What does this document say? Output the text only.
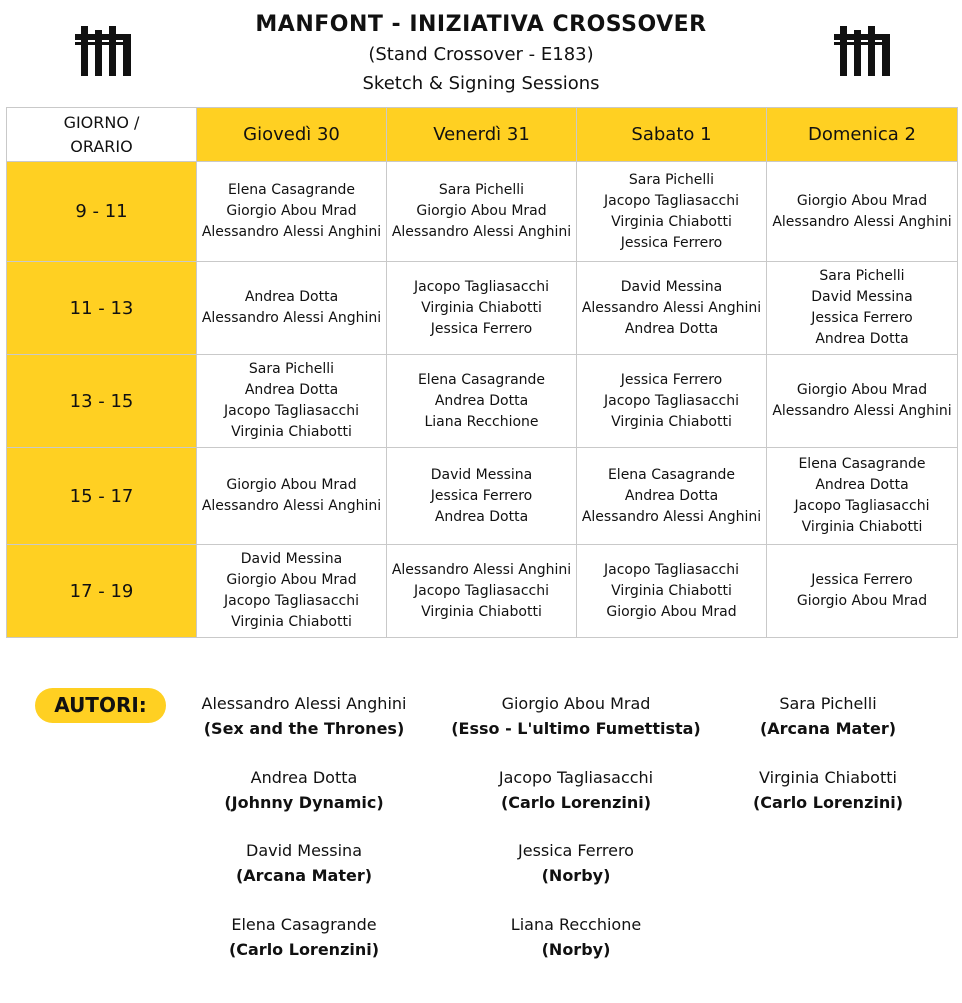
MANFONT - INIZIATIVA CROSSOVER
(Stand Crossover - E183)
Sketch & Signing Sessions
GIORNO /
ORARIO	Giovedì 30	Venerdì 31	Sabato 1	Domenica 2
9 - 11	Elena Casagrande
Giorgio Abou Mrad
Alessandro Alessi Anghini	Sara Pichelli
Giorgio Abou Mrad
Alessandro Alessi Anghini	Sara Pichelli
Jacopo Tagliasacchi
Virginia Chiabotti
Jessica Ferrero	Giorgio Abou Mrad
Alessandro Alessi Anghini

11 - 13	Andrea Dotta
Alessandro Alessi Anghini	Jacopo Tagliasacchi
Virginia Chiabotti
Jessica Ferrero	David Messina
Alessandro Alessi Anghini
Andrea Dotta	Sara Pichelli
David Messina
Jessica Ferrero
Andrea Dotta

13 - 15	Sara Pichelli
Andrea Dotta
Jacopo Tagliasacchi
Virginia Chiabotti	Elena Casagrande
Andrea Dotta
Liana Recchione	Jessica Ferrero
Jacopo Tagliasacchi
Virginia Chiabotti	Giorgio Abou Mrad
Alessandro Alessi Anghini

15 - 17	Giorgio Abou Mrad
Alessandro Alessi Anghini	David Messina
Jessica Ferrero
Andrea Dotta	Elena Casagrande
Andrea Dotta
Alessandro Alessi Anghini	Elena Casagrande
Andrea Dotta
Jacopo Tagliasacchi
Virginia Chiabotti

17 - 19	David Messina
Giorgio Abou Mrad
Jacopo Tagliasacchi
Virginia Chiabotti	Alessandro Alessi Anghini
Jacopo Tagliasacchi
Virginia Chiabotti	Jacopo Tagliasacchi
Virginia Chiabotti
Giorgio Abou Mrad	Jessica Ferrero
Giorgio Abou Mrad
AUTORI:	Alessandro Alessi Anghini
(Sex and the Thrones)
Giorgio Abou Mrad
(Esso - L'ultimo Fumettista)
Sara Pichelli
(Arcana Mater)
Andrea Dotta
(Johnny Dynamic)
Jacopo Tagliasacchi
(Carlo Lorenzini)
Virginia Chiabotti
(Carlo Lorenzini)
David Messina
(Arcana Mater)
Jessica Ferrero
(Norby)
Elena Casagrande
(Carlo Lorenzini)
Liana Recchione
(Norby)
